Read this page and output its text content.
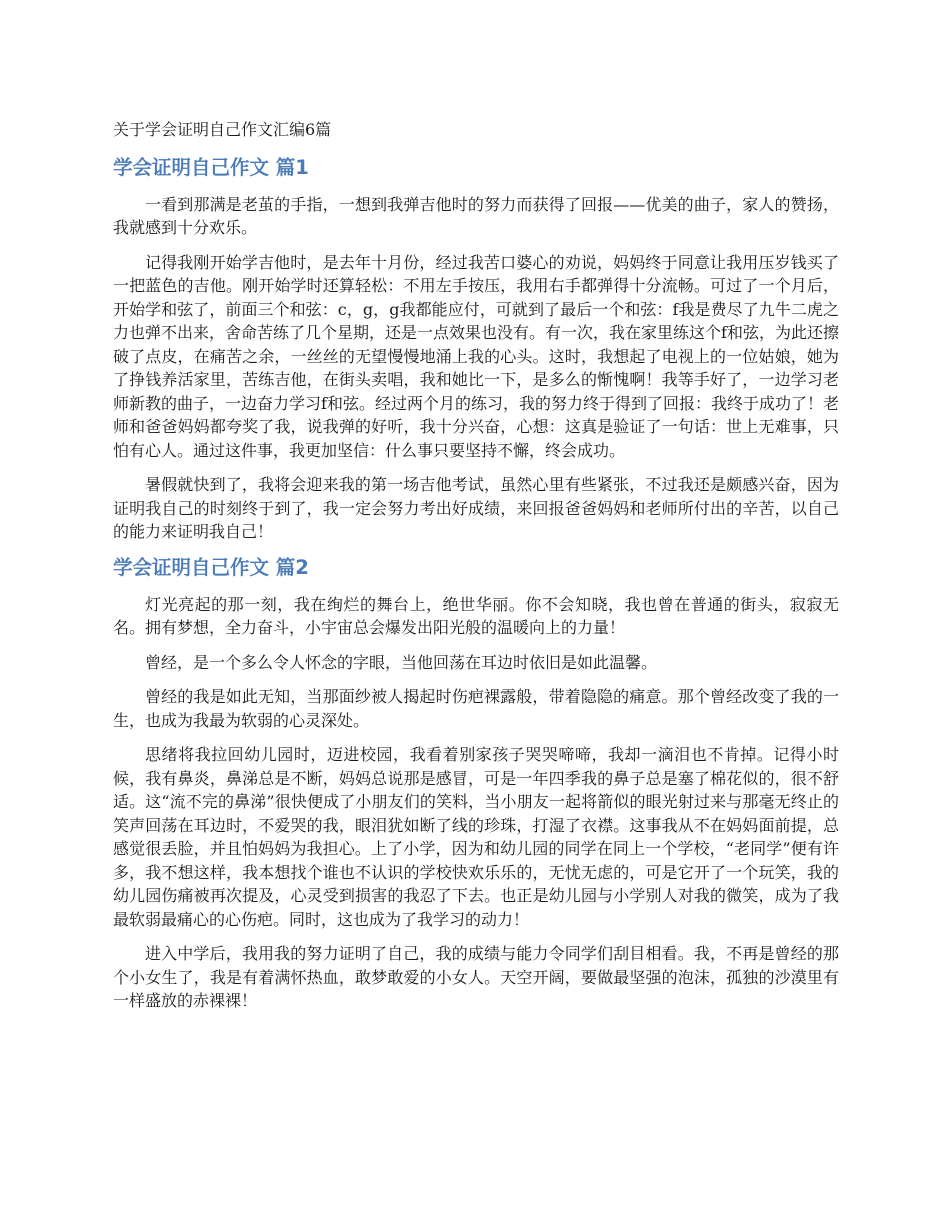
关于学会证明自己作文汇编6篇
学会证明自己作文 篇1

一看到那满是老茧的手指，一想到我弹吉他时的努力而获得了回报——优美的曲子，家人的赞扬，我就感到十分欢乐。

记得我刚开始学吉他时，是去年十月份，经过我苦口婆心的劝说，妈妈终于同意让我用压岁钱买了一把蓝色的吉他。刚开始学时还算轻松：不用左手按压，我用右手都弹得十分流畅。可过了一个月后，开始学和弦了，前面三个和弦：c，g，g我都能应付，可就到了最后一个和弦：f我是费尽了九牛二虎之力也弹不出来，舍命苦练了几个星期，还是一点效果也没有。有一次，我在家里练这个f和弦，为此还擦破了点皮，在痛苦之余，一丝丝的无望慢慢地涌上我的心头。这时，我想起了电视上的一位姑娘，她为了挣钱养活家里，苦练吉他，在街头卖唱，我和她比一下，是多么的惭愧啊！我等手好了，一边学习老师新教的曲子，一边奋力学习f和弦。经过两个月的练习，我的努力终于得到了回报：我终于成功了！老师和爸爸妈妈都夸奖了我，说我弹的好听，我十分兴奋，心想：这真是验证了一句话：世上无难事，只怕有心人。通过这件事，我更加坚信：什么事只要坚持不懈，终会成功。

暑假就快到了，我将会迎来我的第一场吉他考试，虽然心里有些紧张，不过我还是颇感兴奋，因为证明我自己的时刻终于到了，我一定会努力考出好成绩，来回报爸爸妈妈和老师所付出的辛苦，以自己的能力来证明我自己！

学会证明自己作文 篇2

灯光亮起的那一刻，我在绚烂的舞台上，绝世华丽。你不会知晓，我也曾在普通的街头，寂寂无名。拥有梦想，全力奋斗，小宇宙总会爆发出阳光般的温暖向上的力量！

曾经，是一个多么令人怀念的字眼，当他回荡在耳边时依旧是如此温馨。

曾经的我是如此无知，当那面纱被人揭起时伤疤裸露般，带着隐隐的痛意。那个曾经改变了我的一生，也成为我最为软弱的心灵深处。

思绪将我拉回幼儿园时，迈进校园，我看着别家孩子哭哭啼啼，我却一滴泪也不肯掉。记得小时候，我有鼻炎，鼻涕总是不断，妈妈总说那是感冒，可是一年四季我的鼻子总是塞了棉花似的，很不舒适。这“流不完的鼻涕”很快便成了小朋友们的笑料，当小朋友一起将箭似的眼光射过来与那毫无终止的笑声回荡在耳边时，不爱哭的我，眼泪犹如断了线的珍珠，打湿了衣襟。这事我从不在妈妈面前提，总感觉很丢脸，并且怕妈妈为我担心。上了小学，因为和幼儿园的同学在同上一个学校，“老同学”便有许多，我不想这样，我本想找个谁也不认识的学校快欢乐乐的，无忧无虑的，可是它开了一个玩笑，我的幼儿园伤痛被再次提及，心灵受到损害的我忍了下去。也正是幼儿园与小学别人对我的微笑，成为了我最软弱最痛心的心伤疤。同时，这也成为了我学习的动力！

进入中学后，我用我的努力证明了自己，我的成绩与能力令同学们刮目相看。我，不再是曾经的那个小女生了，我是有着满怀热血，敢梦敢爱的小女人。天空开阔，要做最坚强的泡沫，孤独的沙漠里有一样盛放的赤裸裸！
